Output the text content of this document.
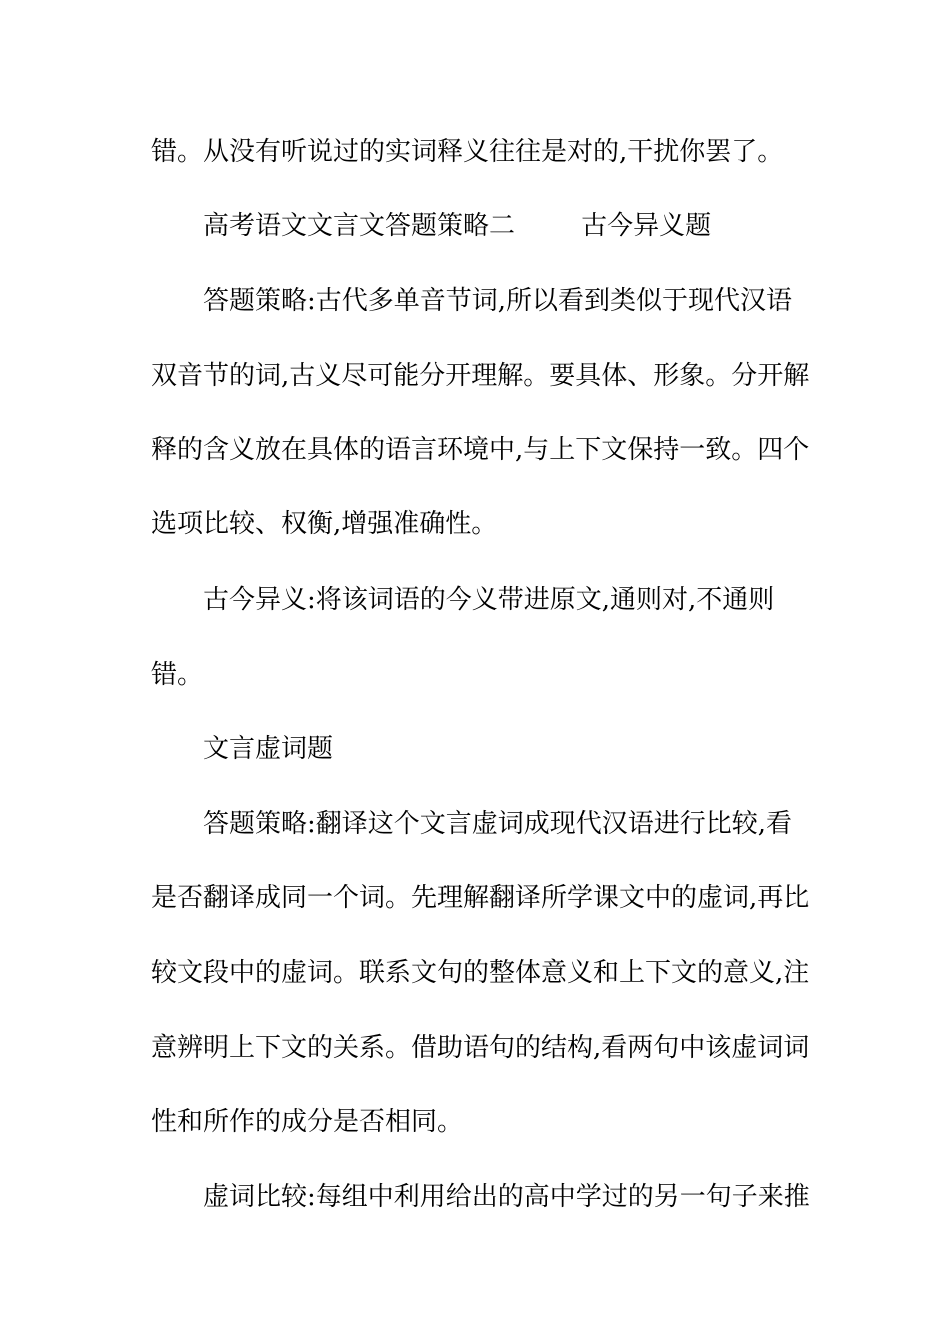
错。从没有听说过的实词释义往往是对的,干扰你罢了。
高考语文文言文答题策略二        古今异义题
答题策略:古代多单音节词,所以看到类似于现代汉语
双音节的词,古义尽可能分开理解。要具体、形象。分开解
释的含义放在具体的语言环境中,与上下文保持一致。四个
选项比较、权衡,增强准确性。
古今异义:将该词语的今义带进原文,通则对,不通则
错。
文言虚词题
答题策略:翻译这个文言虚词成现代汉语进行比较,看
是否翻译成同一个词。先理解翻译所学课文中的虚词,再比
较文段中的虚词。联系文句的整体意义和上下文的意义,注
意辨明上下文的关系。借助语句的结构,看两句中该虚词词
性和所作的成分是否相同。
虚词比较:每组中利用给出的高中学过的另一句子来推
